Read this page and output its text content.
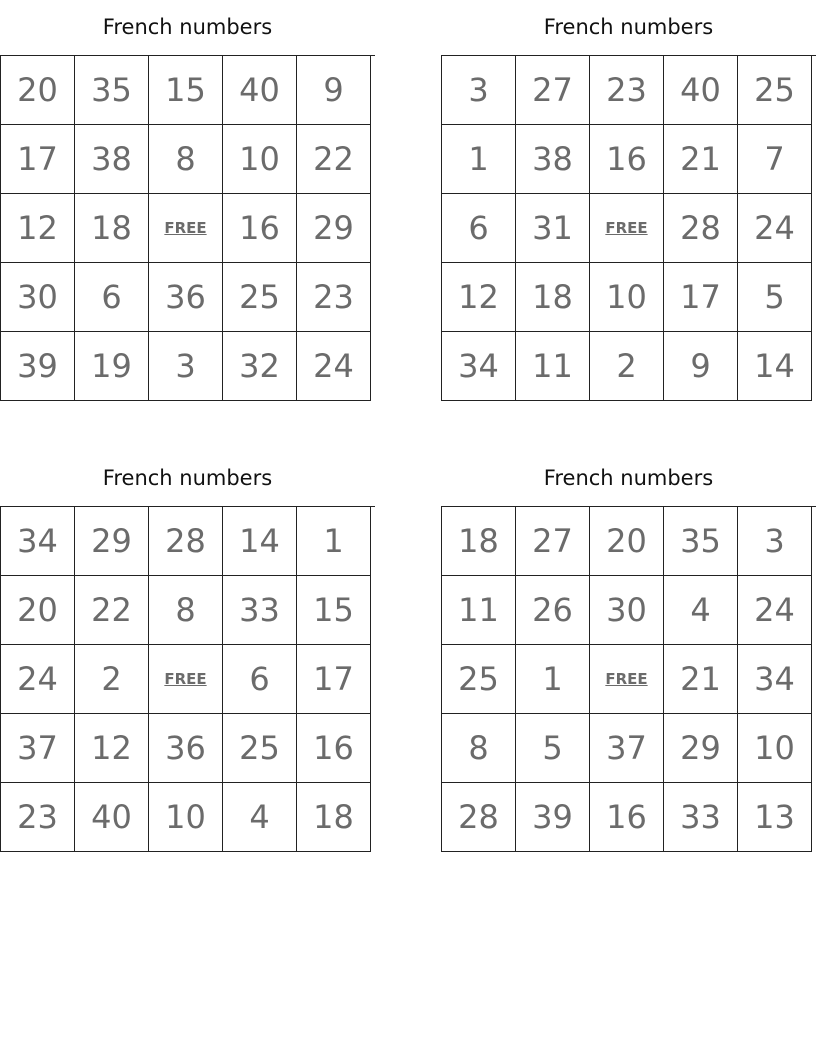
French numbers
20	35	15	40	9
17	38	8	10	22
12	18	FREE	16	29
30	6	36	25	23
39	19	3	32	24
French numbers
3	27	23	40	25
1	38	16	21	7
6	31	FREE	28	24
12	18	10	17	5
34	11	2	9	14
French numbers
34	29	28	14	1
20	22	8	33	15
24	2	FREE	6	17
37	12	36	25	16
23	40	10	4	18
French numbers
18	27	20	35	3
11	26	30	4	24
25	1	FREE	21	34
8	5	37	29	10
28	39	16	33	13
